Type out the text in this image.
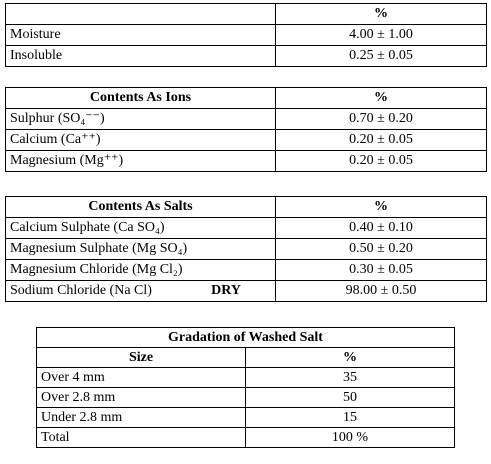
	%
Moisture	4.00 ± 1.00
Insoluble	0.25 ± 0.05
Contents As Ions	%
Sulphur (SO₄⁻⁻)	0.70 ± 0.20
Calcium (Ca⁺⁺)	0.20 ± 0.05
Magnesium (Mg⁺⁺)	0.20 ± 0.05
Contents As Salts	%
Calcium Sulphate (Ca SO₄)	0.40 ± 0.10
Magnesium Sulphate (Mg SO₄)	0.50 ± 0.20
Magnesium Chloride (Mg Cl₂)	0.30 ± 0.05
Sodium Chloride (Na Cl) DRY	98.00 ± 0.50
Gradation of Washed Salt	
Size	%
Over 4 mm	35
Over 2.8 mm	50
Under 2.8 mm	15
Total	100 %
